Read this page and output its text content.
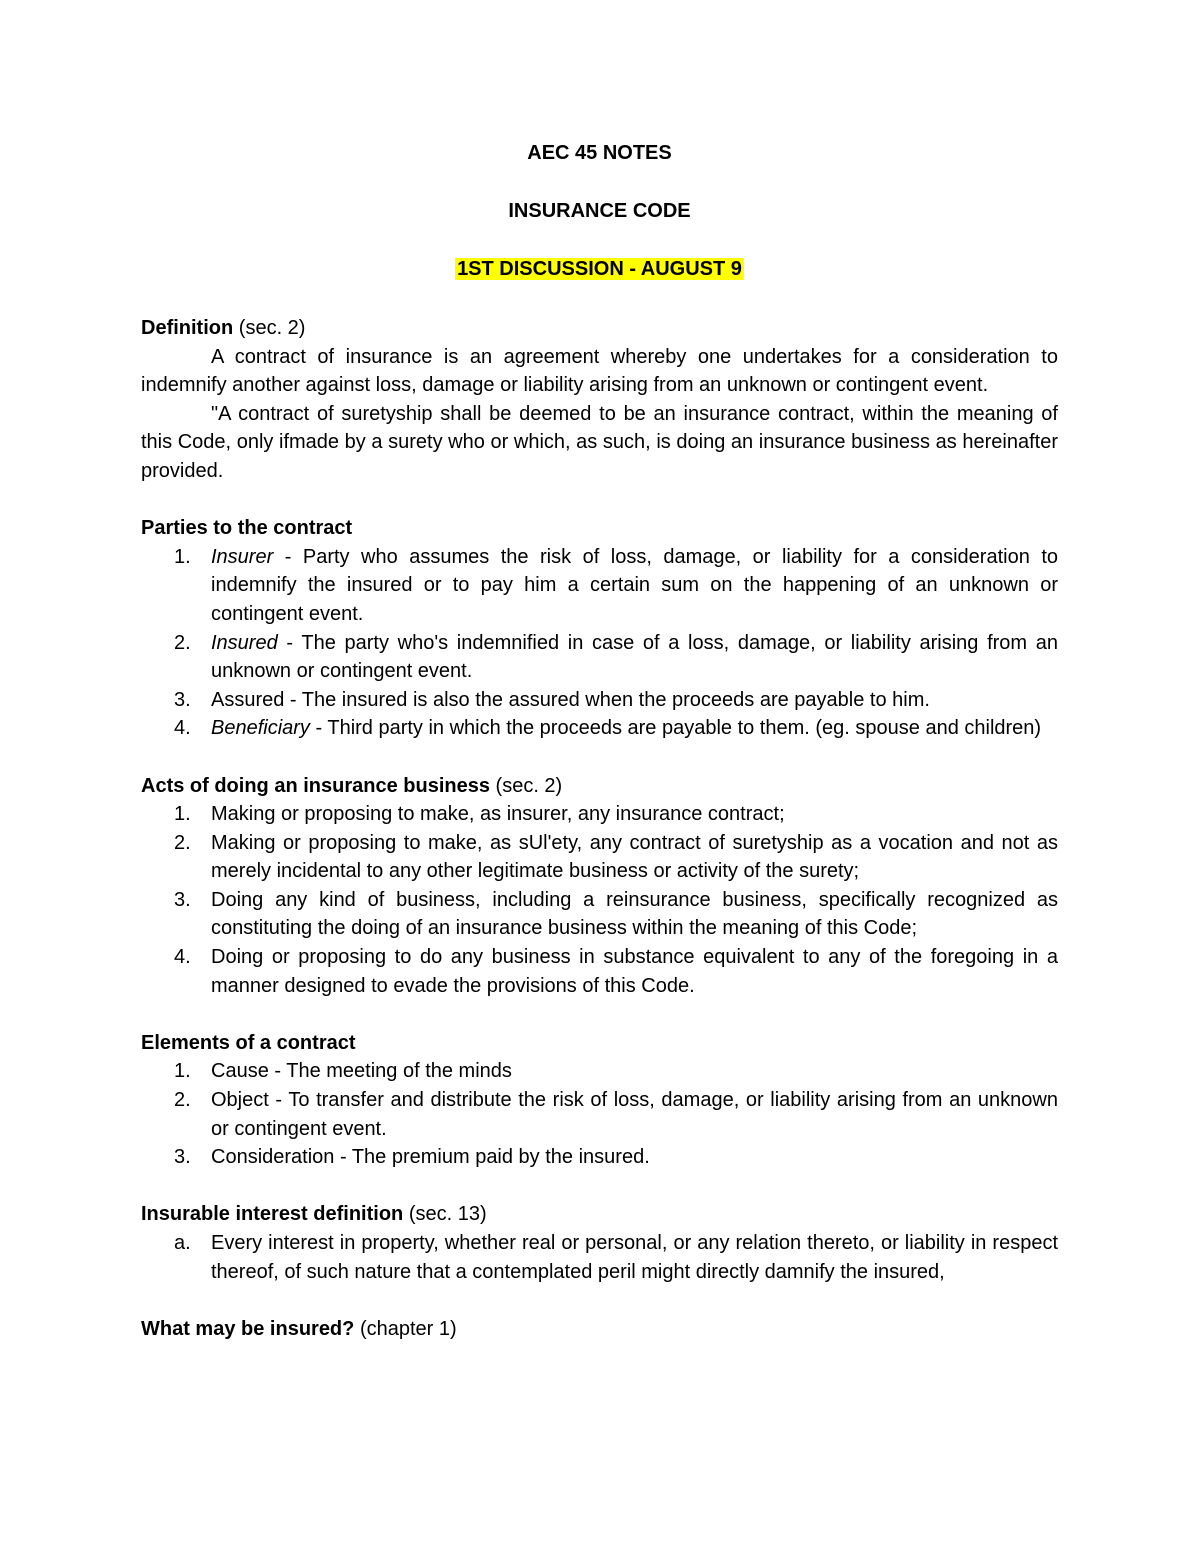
AEC 45 NOTES
INSURANCE CODE
1ST DISCUSSION - AUGUST 9
Definition (sec. 2)

A contract of insurance is an agreement whereby one undertakes for a consideration to indemnify another against loss, damage or liability arising from an unknown or contingent event.

"A contract of suretyship shall be deemed to be an insurance contract, within the meaning of this Code, only ifmade by a surety who or which, as such, is doing an insurance business as hereinafter provided.

Parties to the contract
1.	Insurer - Party who assumes the risk of loss, damage, or liability for a consideration to indemnify the insured or to pay him a certain sum on the happening of an unknown or contingent event.
2.	Insured - The party who's indemnified in case of a loss, damage, or liability arising from an unknown or contingent event.
3.	Assured - The insured is also the assured when the proceeds are payable to him.
4.	Beneficiary - Third party in which the proceeds are payable to them. (eg. spouse and children)
Acts of doing an insurance business (sec. 2)
1.	Making or proposing to make, as insurer, any insurance contract;
2.	Making or proposing to make, as sUl'ety, any contract of suretyship as a vocation and not as merely incidental to any other legitimate business or activity of the surety;
3.	Doing any kind of business, including a reinsurance business, specifically recognized as constituting the doing of an insurance business within the meaning of this Code;
4.	Doing or proposing to do any business in substance equivalent to any of the foregoing in a manner designed to evade the provisions of this Code.
Elements of a contract
1.	Cause - The meeting of the minds
2.	Object - To transfer and distribute the risk of loss, damage, or liability arising from an unknown or contingent event.
3.	Consideration - The premium paid by the insured.
Insurable interest definition (sec. 13)
a.	Every interest in property, whether real or personal, or any relation thereto, or liability in respect thereof, of such nature that a contemplated peril might directly damnify the insured,
What may be insured? (chapter 1)
